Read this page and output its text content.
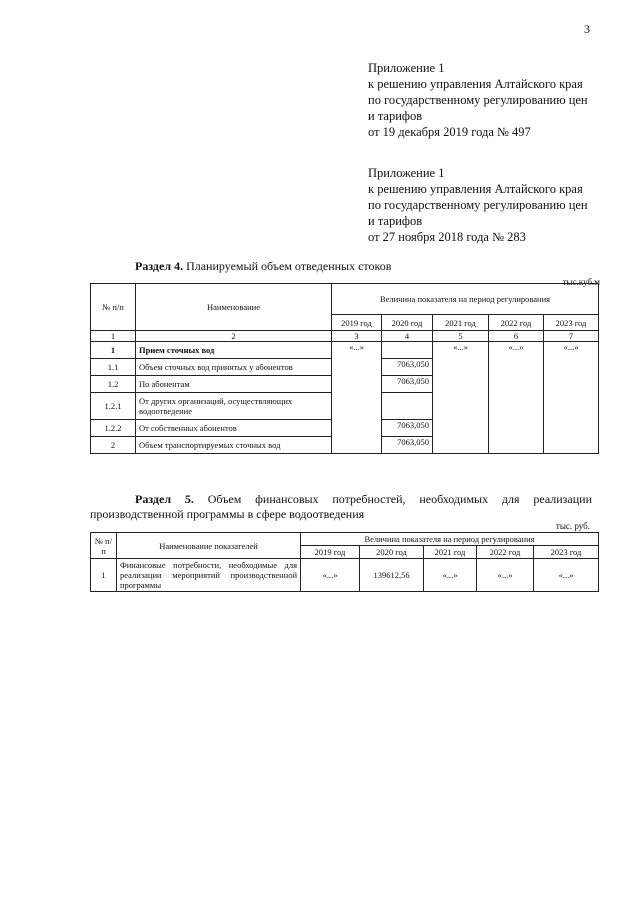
3
Приложение 1
к решению управления Алтайского края
по государственному регулированию цен
и тарифов
от 19 декабря 2019 года № 497
Приложение 1
к решению управления Алтайского края
по государственному регулированию цен
и тарифов
от 27 ноября 2018 года № 283
Раздел 4. Планируемый объем отведенных стоков
тыс.куб.м
№ п/п	Наименование	Величина показателя на период регулирования				
		2019 год	2020 год	2021 год	2022 год	2023 год
1	2	3	4	5	6	7
1	Прием сточных вод	«...»		«...»	«...»	«...»
1.1	Объем сточных вод принятых у абонентов		7063,050			
1.2	По абонентам		7063,050			
1.2.1	От других организаций, осуществляющих водоотведение					
1.2.2	От собственных абонентов		7063,050			
2	Объем транспортируемых сточных вод		7063,050			
Раздел 5. Объем финансовых потребностей, необходимых для реализации производственной программы в сфере водоотведения
тыс. руб.
№ п/п	Наименование показателей	Величина показателя на период регулирования				
		2019 год	2020 год	2021 год	2022 год	2023 год
1	Финансовые потребности, необходимые для реализации мероприятий производственной программы	«...»	139612,56	«...»	«...»	«...»
